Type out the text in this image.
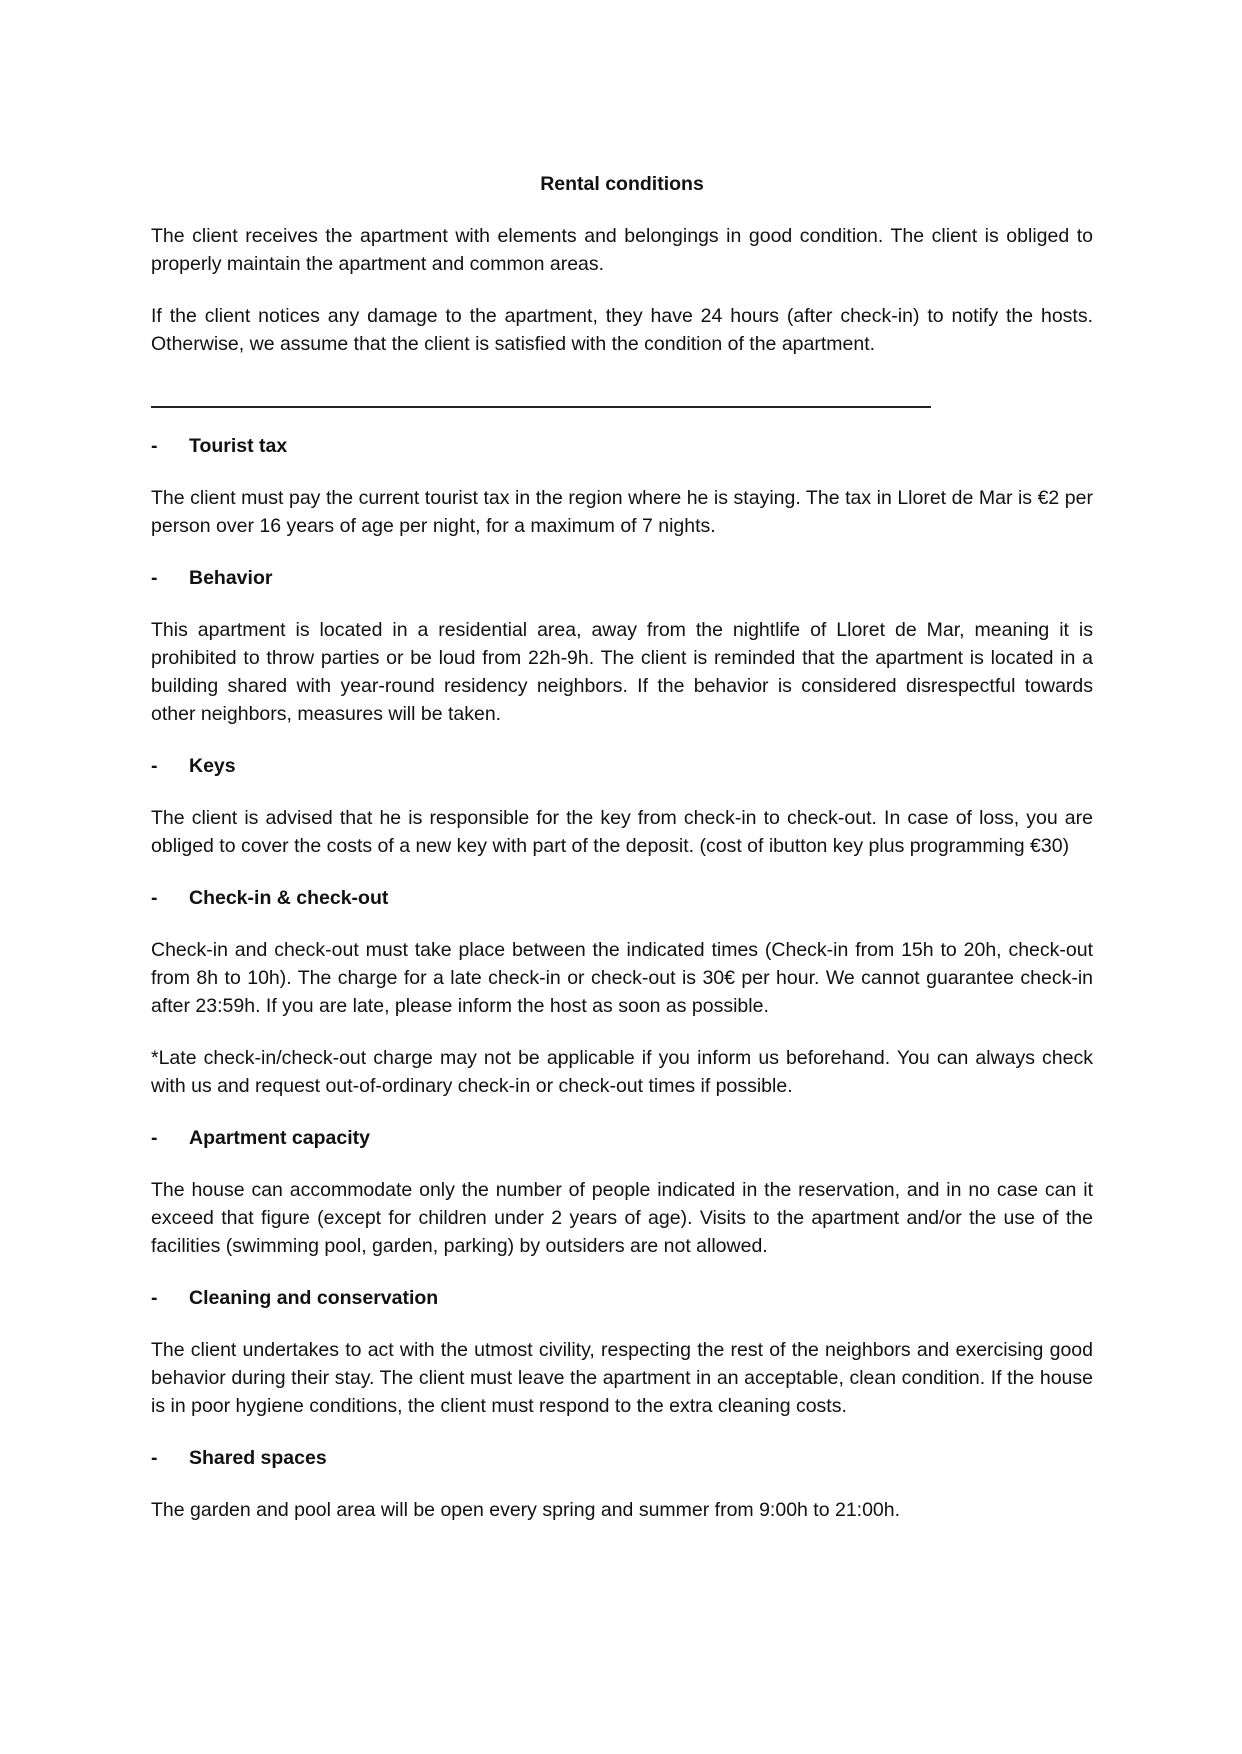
Rental conditions

The client receives the apartment with elements and belongings in good condition. The client is obliged to properly maintain the apartment and common areas.

If the client notices any damage to the apartment, they have 24 hours (after check-in) to notify the hosts. Otherwise, we assume that the client is satisfied with the condition of the apartment.

-	Tourist tax

The client must pay the current tourist tax in the region where he is staying. The tax in Lloret de Mar is €2 per person over 16 years of age per night, for a maximum of 7 nights.

-	Behavior

This apartment is located in a residential area, away from the nightlife of Lloret de Mar, meaning it is prohibited to throw parties or be loud from 22h-9h. The client is reminded that the apartment is located in a building shared with year-round residency neighbors. If the behavior is considered disrespectful towards other neighbors, measures will be taken.

-	Keys

The client is advised that he is responsible for the key from check-in to check-out. In case of loss, you are obliged to cover the costs of a new key with part of the deposit. (cost of ibutton key plus programming €30)

-	Check-in & check-out

Check-in and check-out must take place between the indicated times (Check-in from 15h to 20h, check-out from 8h to 10h). The charge for a late check-in or check-out is 30€ per hour. We cannot guarantee check-in after 23:59h. If you are late, please inform the host as soon as possible.

*Late check-in/check-out charge may not be applicable if you inform us beforehand. You can always check with us and request out-of-ordinary check-in or check-out times if possible.

-	Apartment capacity

The house can accommodate only the number of people indicated in the reservation, and in no case can it exceed that figure (except for children under 2 years of age). Visits to the apartment and/or the use of the facilities (swimming pool, garden, parking) by outsiders are not allowed.

-	Cleaning and conservation

The client undertakes to act with the utmost civility, respecting the rest of the neighbors and exercising good behavior during their stay. The client must leave the apartment in an acceptable, clean condition. If the house is in poor hygiene conditions, the client must respond to the extra cleaning costs.

-	Shared spaces

The garden and pool area will be open every spring and summer from 9:00h to 21:00h.
